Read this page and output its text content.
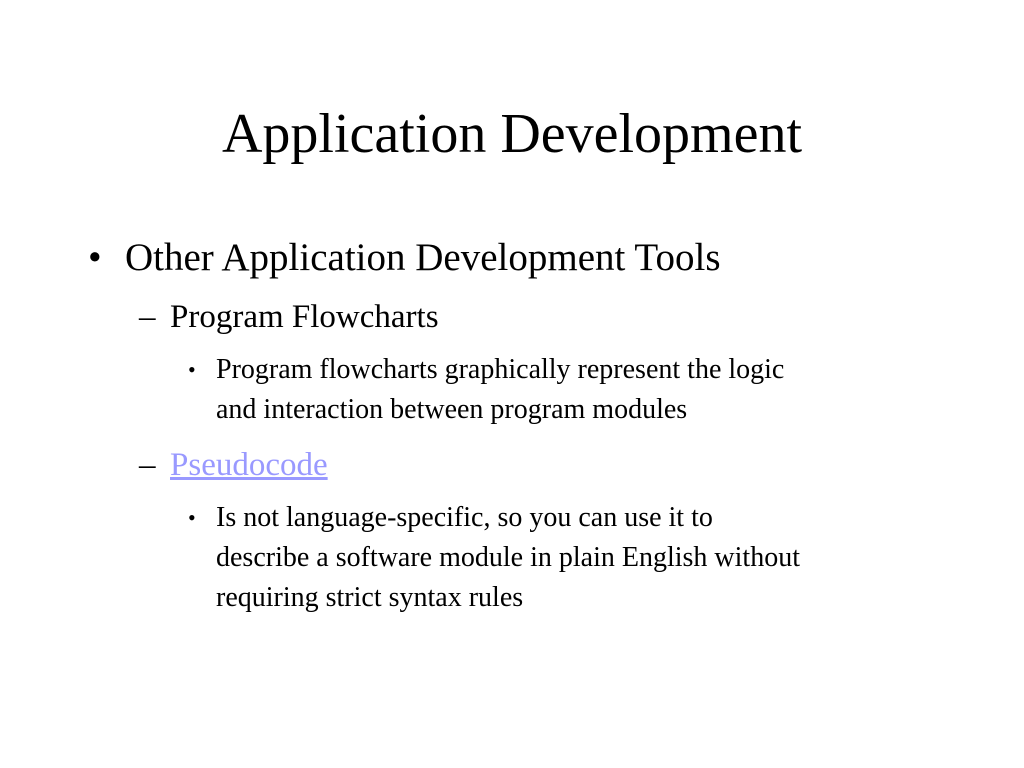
Application Development
• Other Application Development Tools
– Program Flowcharts
• Program flowcharts graphically represent the logic
and interaction between program modules
– Pseudocode
• Is not language-specific, so you can use it to
describe a software module in plain English without
requiring strict syntax rules
